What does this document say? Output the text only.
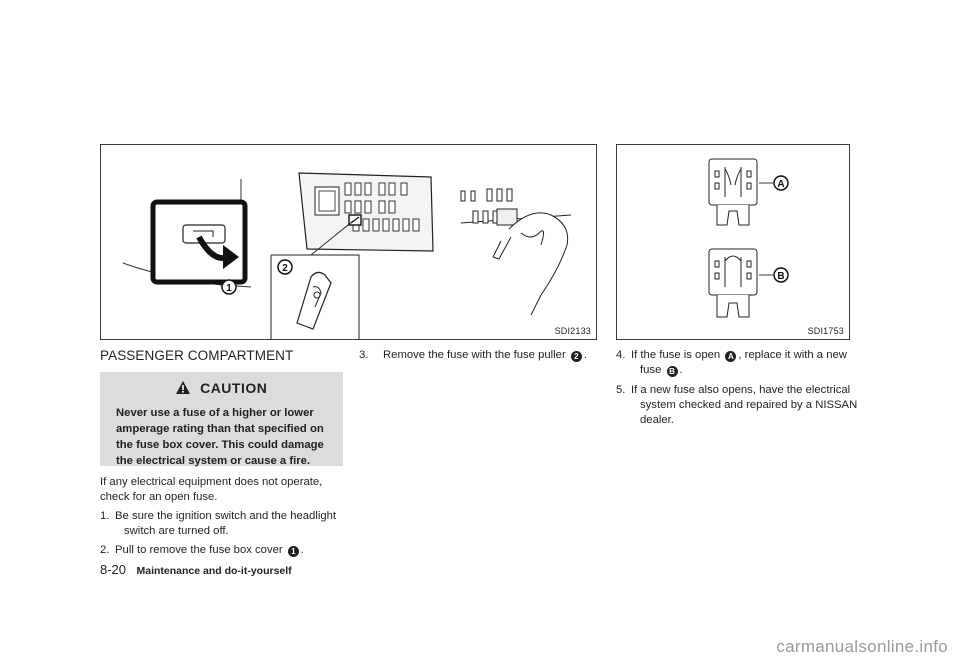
1
2
SDI2133
A
B
SDI1753
PASSENGER COMPARTMENT
CAUTION
Never use a fuse of a higher or lower
amperage rating than that specified on
the fuse box cover. This could damage
the electrical system or cause a fire.
If any electrical equipment does not operate,
check for an open fuse.
1. Be sure the ignition switch and the headlight
switch are turned off.
2. Pull to remove the fuse box cover 1 .
3. Remove the fuse with the fuse puller 2 .	4. If the fuse is open A , replace it with a new
fuse B .
5. If a new fuse also opens, have the electrical
system checked and repaired by a NISSAN
dealer.
8-20 Maintenance and do-it-yourself
carmanualsonline.info
